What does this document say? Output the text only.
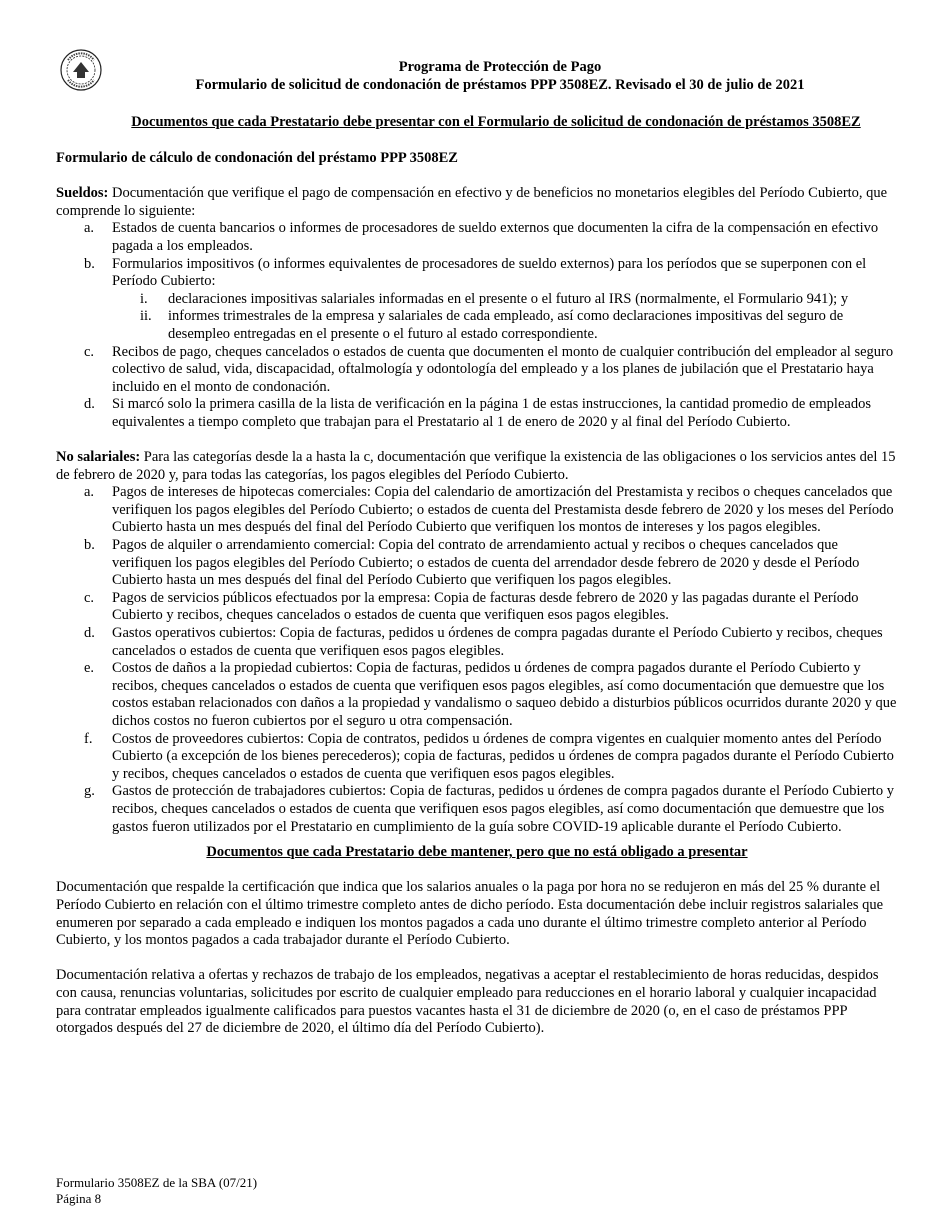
Programa de Protección de Pago
Formulario de solicitud de condonación de préstamos PPP 3508EZ. Revisado el 30 de julio de 2021
Documentos que cada Prestatario debe presentar con el Formulario de solicitud de condonación de préstamos 3508EZ

Formulario de cálculo de condonación del préstamo PPP 3508EZ

Sueldos: Documentación que verifique el pago de compensación en efectivo y de beneficios no monetarios elegibles del Período Cubierto, que comprende lo siguiente:

a. Estados de cuenta bancarios o informes de procesadores de sueldo externos que documenten la cifra de la compensación en efectivo pagada a los empleados.
b. Formularios impositivos (o informes equivalentes de procesadores de sueldo externos) para los períodos que se superponen con el Período Cubierto:
i. declaraciones impositivas salariales informadas en el presente o el futuro al IRS (normalmente, el Formulario 941); y
ii. informes trimestrales de la empresa y salariales de cada empleado, así como declaraciones impositivas del seguro de desempleo entregadas en el presente o el futuro al estado correspondiente.
c. Recibos de pago, cheques cancelados o estados de cuenta que documenten el monto de cualquier contribución del empleador al seguro colectivo de salud, vida, discapacidad, oftalmología y odontología del empleado y a los planes de jubilación que el Prestatario haya incluido en el monto de condonación.
d. Si marcó solo la primera casilla de la lista de verificación en la página 1 de estas instrucciones, la cantidad promedio de empleados equivalentes a tiempo completo que trabajan para el Prestatario al 1 de enero de 2020 y al final del Período Cubierto.

No salariales: Para las categorías desde la a hasta la c, documentación que verifique la existencia de las obligaciones o los servicios antes del 15 de febrero de 2020 y, para todas las categorías, los pagos elegibles del Período Cubierto.

a. Pagos de intereses de hipotecas comerciales: Copia del calendario de amortización del Prestamista y recibos o cheques cancelados que verifiquen los pagos elegibles del Período Cubierto; o estados de cuenta del Prestamista desde febrero de 2020 y los meses del Período Cubierto hasta un mes después del final del Período Cubierto que verifiquen los montos de intereses y los pagos elegibles.
b. Pagos de alquiler o arrendamiento comercial: Copia del contrato de arrendamiento actual y recibos o cheques cancelados que verifiquen los pagos elegibles del Período Cubierto; o estados de cuenta del arrendador desde febrero de 2020 y desde el Período Cubierto hasta un mes después del final del Período Cubierto que verifiquen los pagos elegibles.
c. Pagos de servicios públicos efectuados por la empresa: Copia de facturas desde febrero de 2020 y las pagadas durante el Período Cubierto y recibos, cheques cancelados o estados de cuenta que verifiquen esos pagos elegibles.
d. Gastos operativos cubiertos: Copia de facturas, pedidos u órdenes de compra pagadas durante el Período Cubierto y recibos, cheques cancelados o estados de cuenta que verifiquen esos pagos elegibles.
e. Costos de daños a la propiedad cubiertos: Copia de facturas, pedidos u órdenes de compra pagados durante el Período Cubierto y recibos, cheques cancelados o estados de cuenta que verifiquen esos pagos elegibles, así como documentación que demuestre que los costos estaban relacionados con daños a la propiedad y vandalismo o saqueo debido a disturbios públicos ocurridos durante 2020 y que dichos costos no fueron cubiertos por el seguro u otra compensación.
f. Costos de proveedores cubiertos: Copia de contratos, pedidos u órdenes de compra vigentes en cualquier momento antes del Período Cubierto (a excepción de los bienes perecederos); copia de facturas, pedidos u órdenes de compra pagados durante el Período Cubierto y recibos, cheques cancelados o estados de cuenta que verifiquen esos pagos elegibles.
g. Gastos de protección de trabajadores cubiertos: Copia de facturas, pedidos u órdenes de compra pagados durante el Período Cubierto y recibos, cheques cancelados o estados de cuenta que verifiquen esos pagos elegibles, así como documentación que demuestre que los gastos fueron utilizados por el Prestatario en cumplimiento de la guía sobre COVID-19 aplicable durante el Período Cubierto.

Documentos que cada Prestatario debe mantener, pero que no está obligado a presentar

Documentación que respalde la certificación que indica que los salarios anuales o la paga por hora no se redujeron en más del 25 % durante el Período Cubierto en relación con el último trimestre completo antes de dicho período. Esta documentación debe incluir registros salariales que enumeren por separado a cada empleado e indiquen los montos pagados a cada uno durante el último trimestre completo anterior al Período Cubierto, y los montos pagados a cada trabajador durante el Período Cubierto.

Documentación relativa a ofertas y rechazos de trabajo de los empleados, negativas a aceptar el restablecimiento de horas reducidas, despidos con causa, renuncias voluntarias, solicitudes por escrito de cualquier empleado para reducciones en el horario laboral y cualquier incapacidad para contratar empleados igualmente calificados para puestos vacantes hasta el 31 de diciembre de 2020 (o, en el caso de préstamos PPP otorgados después del 27 de diciembre de 2020, el último día del Período Cubierto).

Formulario 3508EZ de la SBA (07/21)
Página 8
